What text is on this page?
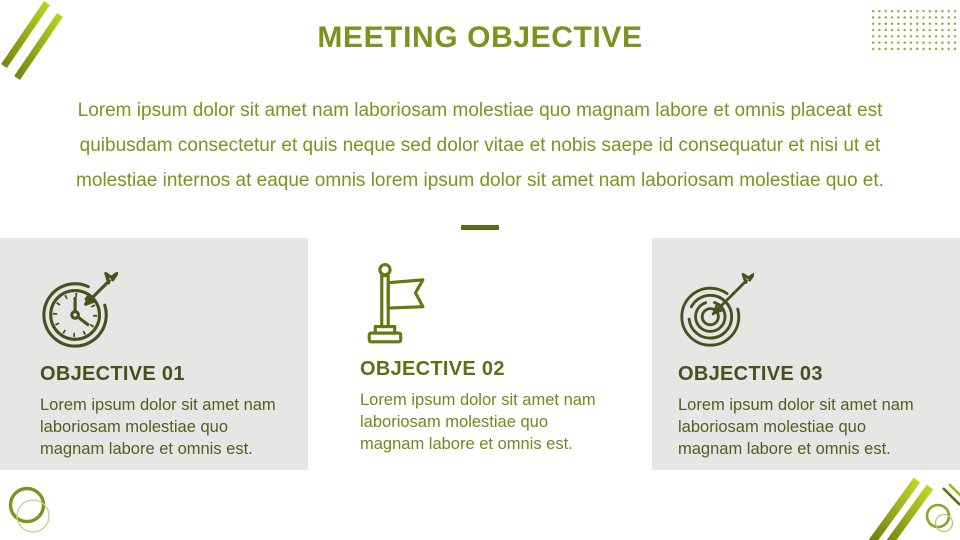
MEETING OBJECTIVE
Lorem ipsum dolor sit amet nam laboriosam molestiae quo magnam labore et omnis placeat est quibusdam consectetur et quis neque sed dolor vitae et nobis saepe id consequatur et nisi ut et molestiae internos at eaque omnis lorem ipsum dolor sit amet nam laboriosam molestiae quo et.
OBJECTIVE 01
Lorem ipsum dolor sit amet nam laboriosam molestiae quo magnam labore et omnis est.
OBJECTIVE 02
Lorem ipsum dolor sit amet nam laboriosam molestiae quo magnam labore et omnis est.
OBJECTIVE 03
Lorem ipsum dolor sit amet nam laboriosam molestiae quo magnam labore et omnis est.
